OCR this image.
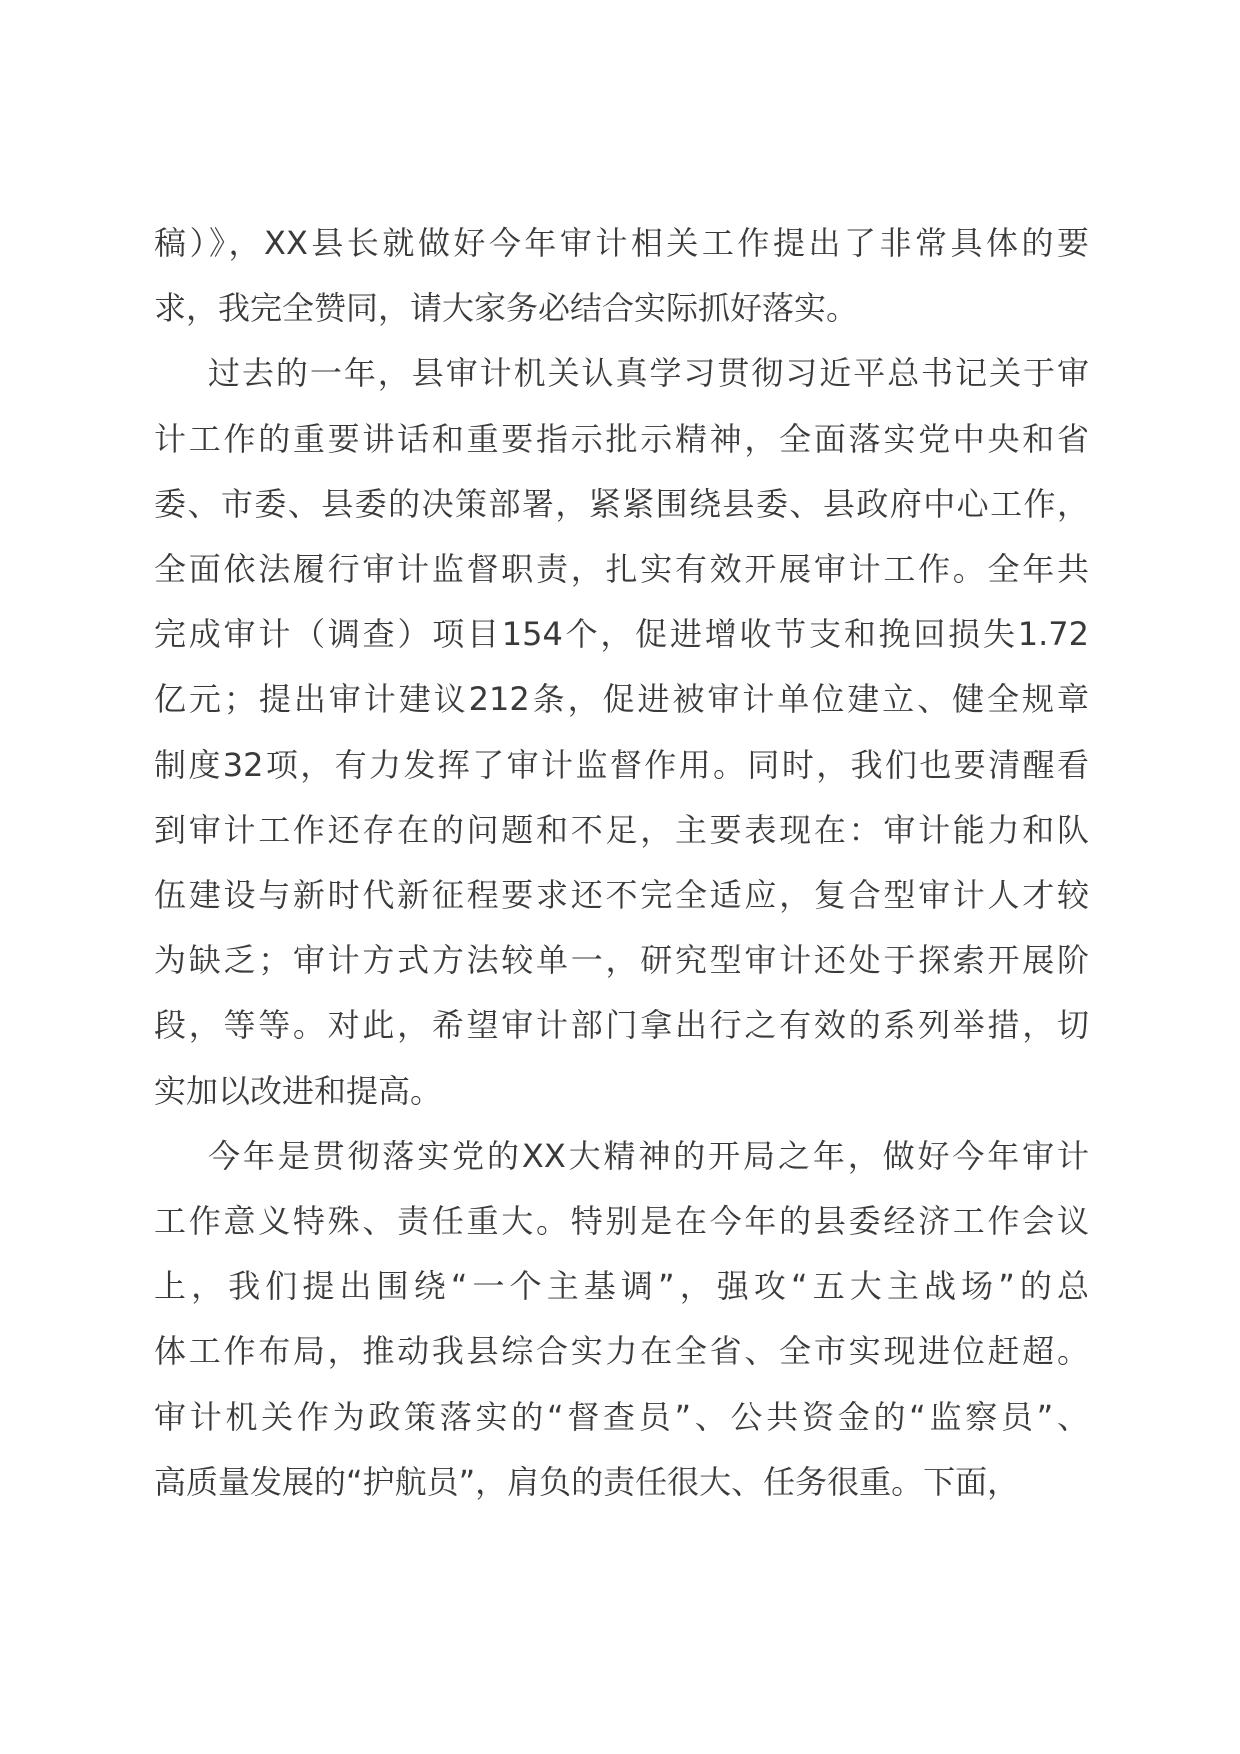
稿）》，XX县长就做好今年审计相关工作提出了非常具体的要
求，我完全赞同，请大家务必结合实际抓好落实。

过去的一年，县审计机关认真学习贯彻习近平总书记关于审
计工作的重要讲话和重要指示批示精神，全面落实党中央和省
委、市委、县委的决策部署，紧紧围绕县委、县政府中心工作，
全面依法履行审计监督职责，扎实有效开展审计工作。全年共
完成审计（调查）项目154个，促进增收节支和挽回损失1.72
亿元；提出审计建议212条，促进被审计单位建立、健全规章
制度32项，有力发挥了审计监督作用。同时，我们也要清醒看
到审计工作还存在的问题和不足，主要表现在：审计能力和队
伍建设与新时代新征程要求还不完全适应，复合型审计人才较
为缺乏；审计方式方法较单一，研究型审计还处于探索开展阶
段，等等。对此，希望审计部门拿出行之有效的系列举措，切
实加以改进和提高。

今年是贯彻落实党的XX大精神的开局之年，做好今年审计
工作意义特殊、责任重大。特别是在今年的县委经济工作会议
上，我们提出围绕“一个主基调”，强攻“五大主战场”的总
体工作布局，推动我县综合实力在全省、全市实现进位赶超。
审计机关作为政策落实的“督查员”、公共资金的“监察员”、
高质量发展的“护航员”，肩负的责任很大、任务很重。下面，
